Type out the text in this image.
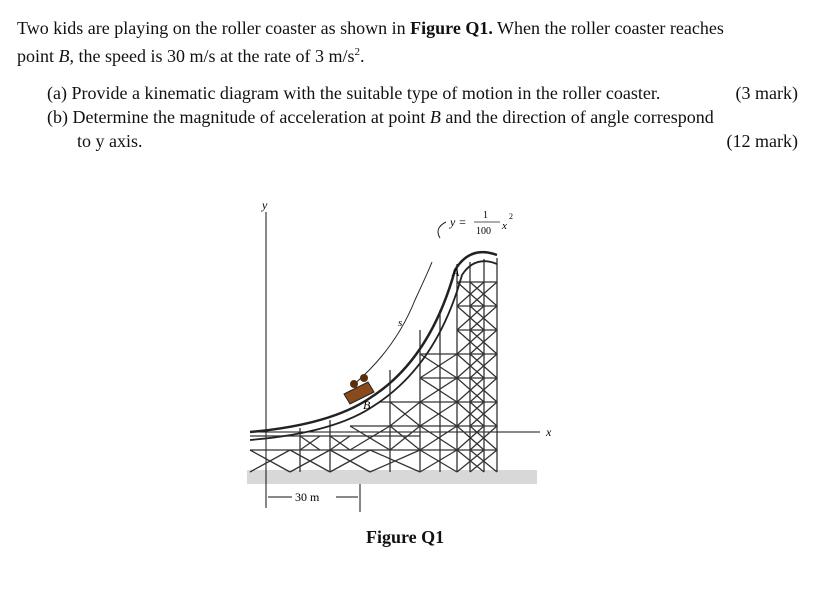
Two kids are playing on the roller coaster as shown in Figure Q1. When the roller coaster reaches
point B, the speed is 30 m/s at the rate of 3 $m/s^2$.
(a) Provide a kinematic diagram with the suitable type of motion in the roller coaster.	(3 mark)
(b) Determine the magnitude of acceleration at point B and the direction of angle correspond
to y axis.	(12 mark)
y
x
s
A
B
y = 1
100 x
2
30 m
Figure Q1
